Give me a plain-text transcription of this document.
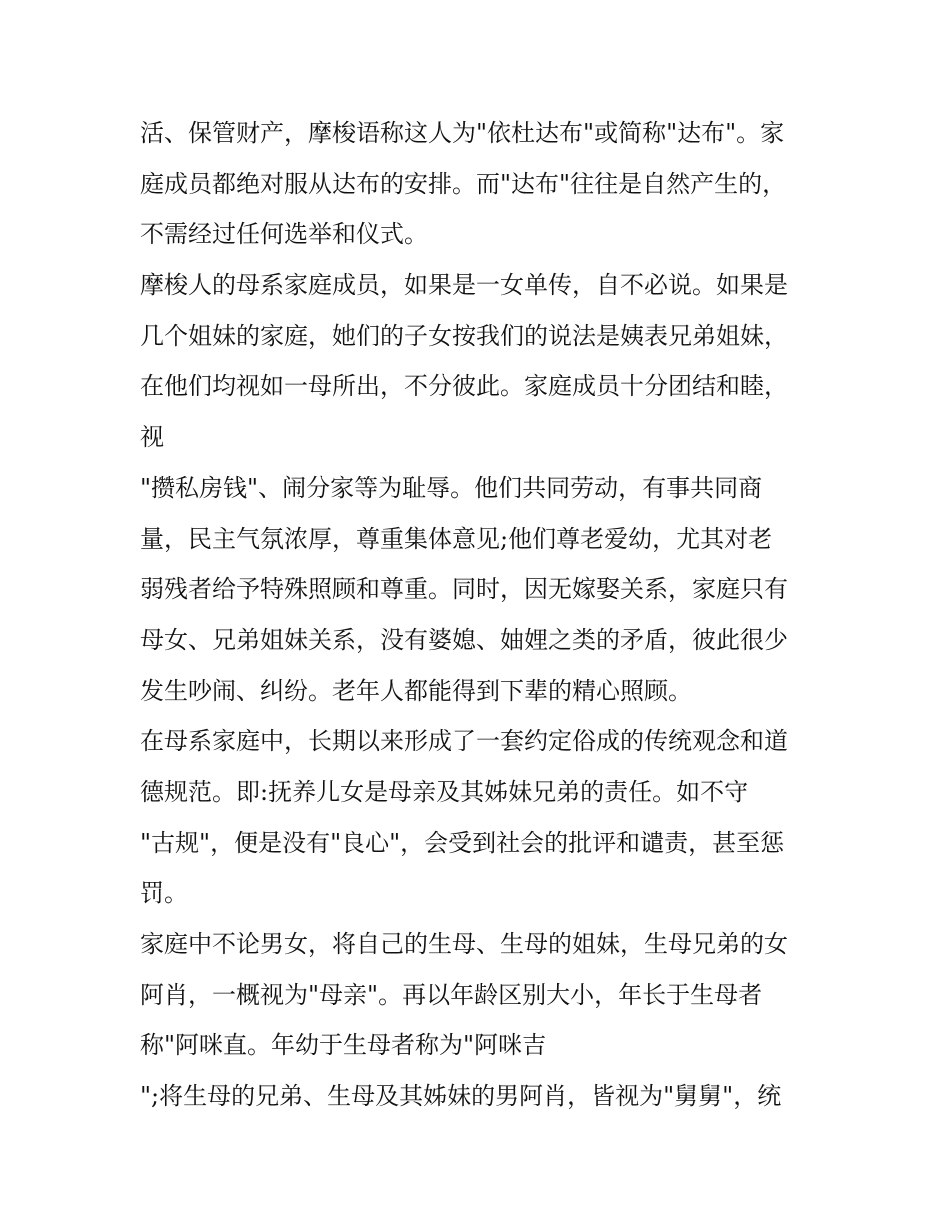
活、保管财产，摩梭语称这人为"依杜达布"或简称"达布"。家
庭成员都绝对服从达布的安排。而"达布"往往是自然产生的，
不需经过任何选举和仪式。
摩梭人的母系家庭成员，如果是一女单传，自不必说。如果是
几个姐妹的家庭，她们的子女按我们的说法是姨表兄弟姐妹，
在他们均视如一母所出，不分彼此。家庭成员十分团结和睦，
视
"攒私房钱"、闹分家等为耻辱。他们共同劳动，有事共同商
量，民主气氛浓厚，尊重集体意见;他们尊老爱幼，尤其对老
弱残者给予特殊照顾和尊重。同时，因无嫁娶关系，家庭只有
母女、兄弟姐妹关系，没有婆媳、妯娌之类的矛盾，彼此很少
发生吵闹、纠纷。老年人都能得到下辈的精心照顾。
在母系家庭中，长期以来形成了一套约定俗成的传统观念和道
德规范。即:抚养儿女是母亲及其姊妹兄弟的责任。如不守
"古规"，便是没有"良心"，会受到社会的批评和谴责，甚至惩
罚。
家庭中不论男女，将自己的生母、生母的姐妹，生母兄弟的女
阿肖，一概视为"母亲"。再以年龄区别大小，年长于生母者
称"阿咪直。年幼于生母者称为"阿咪吉
";将生母的兄弟、生母及其姊妹的男阿肖，皆视为"舅舅"，统
